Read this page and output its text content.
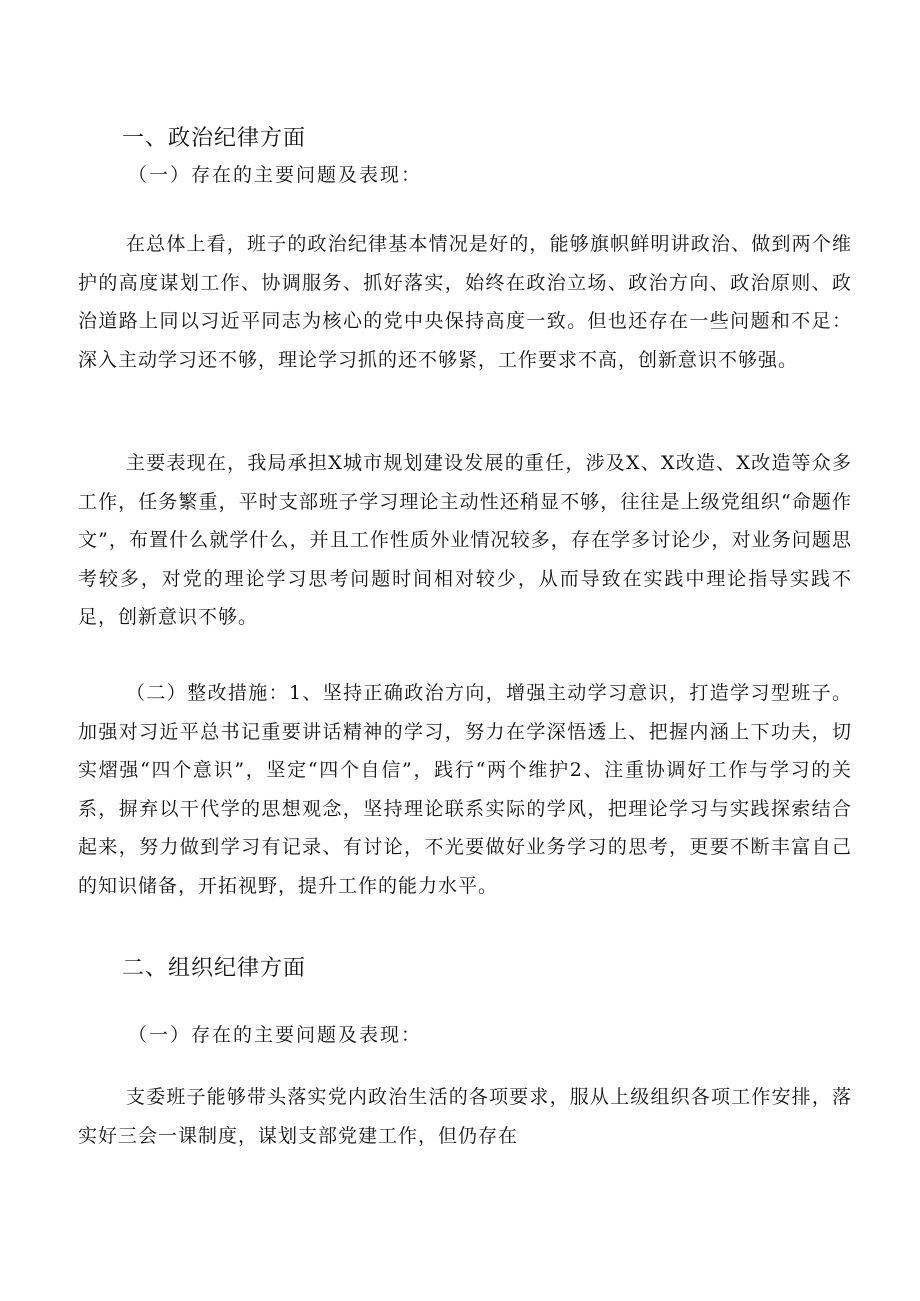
一、政治纪律方面
（一）存在的主要问题及表现：

在总体上看，班子的政治纪律基本情况是好的，能够旗帜鲜明讲政治、做到两个维护的高度谋划工作、协调服务、抓好落实，始终在政治立场、政治方向、政治原则、政治道路上同以习近平同志为核心的党中央保持高度一致。但也还存在一些问题和不足：深入主动学习还不够，理论学习抓的还不够紧，工作要求不高，创新意识不够强。

主要表现在，我局承担X城市规划建设发展的重任，涉及X、X改造、X改造等众多工作，任务繁重，平时支部班子学习理论主动性还稍显不够，往往是上级党组织“命题作文”，布置什么就学什么，并且工作性质外业情况较多，存在学多讨论少，对业务问题思考较多，对党的理论学习思考问题时间相对较少，从而导致在实践中理论指导实践不足，创新意识不够。

（二）整改措施：1、坚持正确政治方向，增强主动学习意识，打造学习型班子。加强对习近平总书记重要讲话精神的学习，努力在学深悟透上、把握内涵上下功夫，切实熠强“四个意识”，坚定“四个自信”，践行“两个维护2、注重协调好工作与学习的关系，摒弃以干代学的思想观念，坚持理论联系实际的学风，把理论学习与实践探索结合起来，努力做到学习有记录、有讨论，不光要做好业务学习的思考，更要不断丰富自己的知识储备，开拓视野，提升工作的能力水平。

二、组织纪律方面
（一）存在的主要问题及表现：

支委班子能够带头落实党内政治生活的各项要求，服从上级组织各项工作安排，落实好三会一课制度，谋划支部党建工作，但仍存在
